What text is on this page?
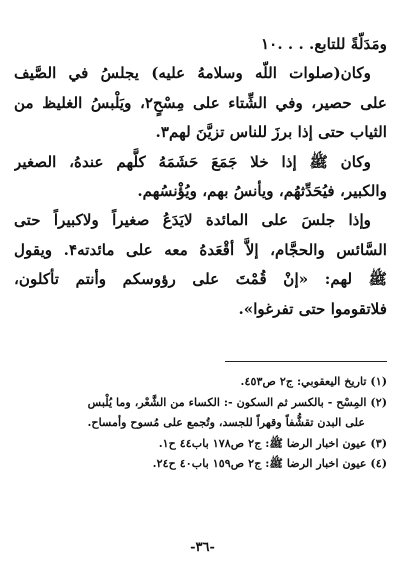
ومَدَلّةً للتابع. . . .۱۰
وكان(صلوات اللّه وسلامهُ عليه) يجلسُ في الصَّيف
على حصير، وفي الشِّتاء على مِسْحٍ۲، ويَلْبسُ الغليظ من
الثياب حتى إذا برزَ للناس تزيَّنَ لهم۳.
وكان ﷺ إذا خلا جَمَعَ حَشَمَهُ كلَّهم عندهُ، الصغير
والكبير، فيُحَدِّثهُم، ويأنسُ بهم، ويُؤْنسُهم.
وإذا جلسَ على المائدة لايَدَعُ صغيراً ولاكبيراً حتى
السَّائس والحجَّام، إلاَّ أقْعَدهُ معه على مائدته۴. ويقول
ﷺ لهم: «إنْ قُمْتَ على رؤوسكم وأنتم تأكلون،
فلاتقوموا حتى تفرغوا».
(١) تاريخ اليعقوبي: ج٢ ص٤٥٣.
(٢) المِسْح - بالكسر ثم السكون -: الكساء من الشَّعْر، وما يُلْبس
على البدن تقشُّفاً وقهراً للجسد، وتُجمع على مُسوح وأمساح.
(٣) عيون اخبار الرضا ﷺ: ج٢ ص١٧٨ باب٤٤ ح١.
(٤) عيون اخبار الرضا ﷺ: ج٢ ص١٥٩ باب٤٠ ح٢٤.
-٣٦-
